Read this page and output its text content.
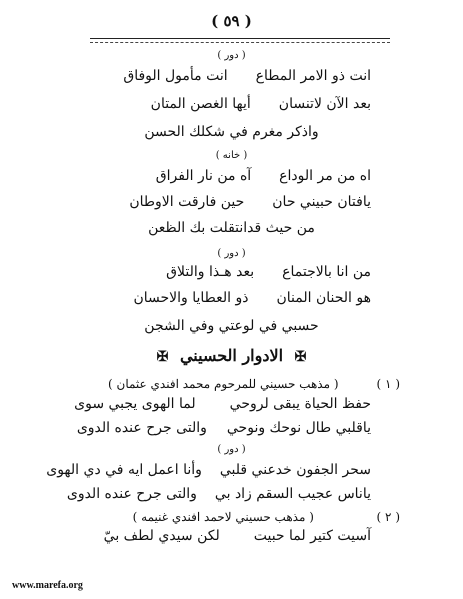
( ٥٩ )
( دور )
انت ذو الامر المطاع
انت مأمول الوفاق
بعد الآن لاتنسان
أيها الغصن المتان
واذكر مغرم في شكلك الحسن
( خانه )
اه من مر الوداع
آه من نار الفراق
يافتان حبيني حان
حين فارقت الاوطان
من حيث قدانتقلت بك الظعن
( دور )
من انا بالاجتماع
بعد هـذا والتلاق
هو الحنان المنان
ذو العطايا والاحسان
حسبي في لوعتي وفي الشجن
✠ الادوار الحسيني ✠
( ١ )
( مذهب حسيني للمرحوم محمد افندي عثمان )
حفظ الحياة يبقى لروحي
لما الهوى يجبي سوى
ياقلبي طال نوحك ونوحي
والتى جرح عنده الدوى
( دور )
سحر الجفون خدعني قلبي
وأنا اعمل ايه في دي الهوى
ياناس عجيب السقم زاد بي
والتى جرح عنده الدوى
( ٢ )
( مذهب حسيني لاحمد افندي غنيمه )
آسيت كتير لما حبيت
لكن سيدي لطف بيّ
www.marefa.org
